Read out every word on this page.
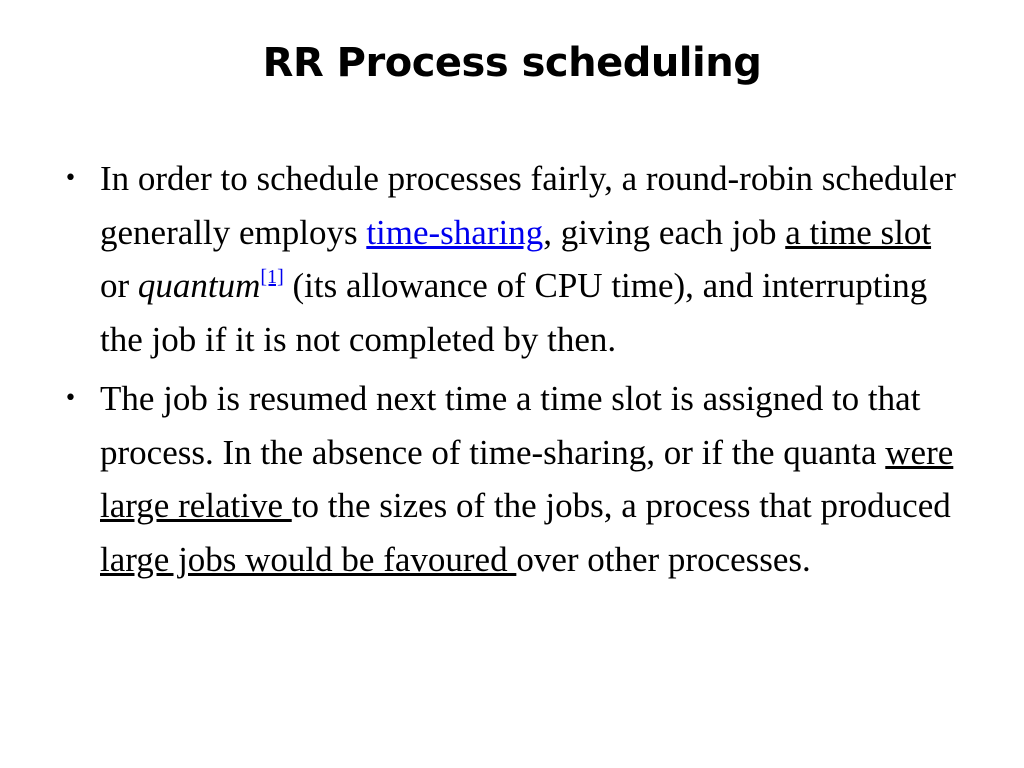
RR Process scheduling
• In order to schedule processes fairly, a round-robin scheduler generally employs time-sharing, giving each job a time slot or quantum[1] (its allowance of CPU time), and interrupting the job if it is not completed by then.
• The job is resumed next time a time slot is assigned to that process. In the absence of time-sharing, or if the quanta were large relative to the sizes of the jobs, a process that produced large jobs would be favoured over other processes.
